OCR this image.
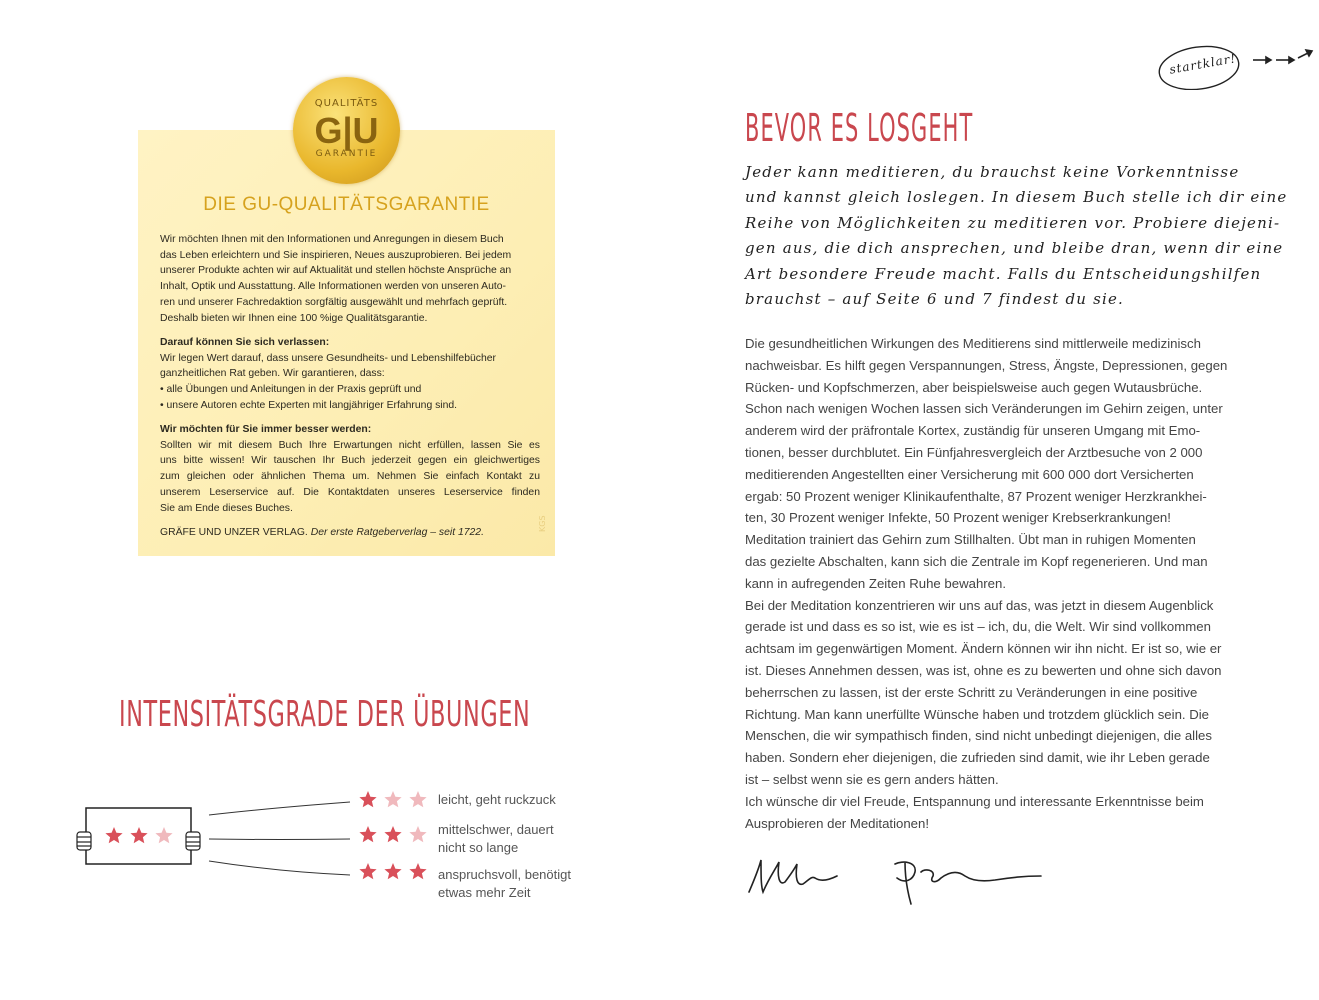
QUALITÄTS
G|U
GARANTIE
DIE GU-QUALITÄTSGARANTIE
Wir möchten Ihnen mit den Informationen und Anregungen in diesem Buch
das Leben erleichtern und Sie inspirieren, Neues auszuprobieren. Bei jedem
unserer Produkte achten wir auf Aktualität und stellen höchste Ansprüche an
Inhalt, Optik und Ausstattung. Alle Informationen werden von unseren Auto-
ren und unserer Fachredaktion sorgfältig ausgewählt und mehrfach geprüft.
Deshalb bieten wir Ihnen eine 100 %ige Qualitätsgarantie.
Darauf können Sie sich verlassen:
Wir legen Wert darauf, dass unsere Gesundheits- und Lebenshilfebücher
ganzheitlichen Rat geben. Wir garantieren, dass:
• alle Übungen und Anleitungen in der Praxis geprüft und
• unsere Autoren echte Experten mit langjähriger Erfahrung sind.
Wir möchten für Sie immer besser werden:
Sollten wir mit diesem Buch Ihre Erwartungen nicht erfüllen, lassen Sie es
uns bitte wissen! Wir tauschen Ihr Buch jederzeit gegen ein gleichwertiges
zum gleichen oder ähnlichen Thema um. Nehmen Sie einfach Kontakt zu
unserem Leserservice auf. Die Kontaktdaten unseres Leserservice finden
Sie am Ende dieses Buches.
GRÄFE UND UNZER VERLAG. Der erste Ratgeberverlag – seit 1722.
KGS
INTENSITÄTSGRADE DER ÜBUNGEN
leicht, geht ruckzuck
mittelschwer, dauert
nicht so lange
anspruchsvoll, benötigt
etwas mehr Zeit
startklar!
BEVOR ES LOSGEHT
Jeder kann meditieren, du brauchst keine Vorkenntnisse
und kannst gleich loslegen. In diesem Buch stelle ich dir eine
Reihe von Möglichkeiten zu meditieren vor. Probiere diejeni-
gen aus, die dich ansprechen, und bleibe dran, wenn dir eine
Art besondere Freude macht. Falls du Entscheidungshilfen
brauchst – auf Seite 6 und 7 findest du sie.
Die gesundheitlichen Wirkungen des Meditierens sind mittlerweile medizinisch
nachweisbar. Es hilft gegen Verspannungen, Stress, Ängste, Depressionen, gegen
Rücken- und Kopfschmerzen, aber beispielsweise auch gegen Wutausbrüche.
Schon nach wenigen Wochen lassen sich Veränderungen im Gehirn zeigen, unter
anderem wird der präfrontale Kortex, zuständig für unseren Umgang mit Emo-
tionen, besser durchblutet. Ein Fünfjahresvergleich der Arztbesuche von 2 000
meditierenden Angestellten einer Versicherung mit 600 000 dort Versicherten
ergab: 50 Prozent weniger Klinikaufenthalte, 87 Prozent weniger Herzkrankhei-
ten, 30 Prozent weniger Infekte, 50 Prozent weniger Krebserkrankungen!
Meditation trainiert das Gehirn zum Stillhalten. Übt man in ruhigen Momenten
das gezielte Abschalten, kann sich die Zentrale im Kopf regenerieren. Und man
kann in aufregenden Zeiten Ruhe bewahren.
Bei der Meditation konzentrieren wir uns auf das, was jetzt in diesem Augenblick
gerade ist und dass es so ist, wie es ist – ich, du, die Welt. Wir sind vollkommen
achtsam im gegenwärtigen Moment. Ändern können wir ihn nicht. Er ist so, wie er
ist. Dieses Annehmen dessen, was ist, ohne es zu bewerten und ohne sich davon
beherrschen zu lassen, ist der erste Schritt zu Veränderungen in eine positive
Richtung. Man kann unerfüllte Wünsche haben und trotzdem glücklich sein. Die
Menschen, die wir sympathisch finden, sind nicht unbedingt diejenigen, die alles
haben. Sondern eher diejenigen, die zufrieden sind damit, wie ihr Leben gerade
ist – selbst wenn sie es gern anders hätten.
Ich wünsche dir viel Freude, Entspannung und interessante Erkenntnisse beim
Ausprobieren der Meditationen!
